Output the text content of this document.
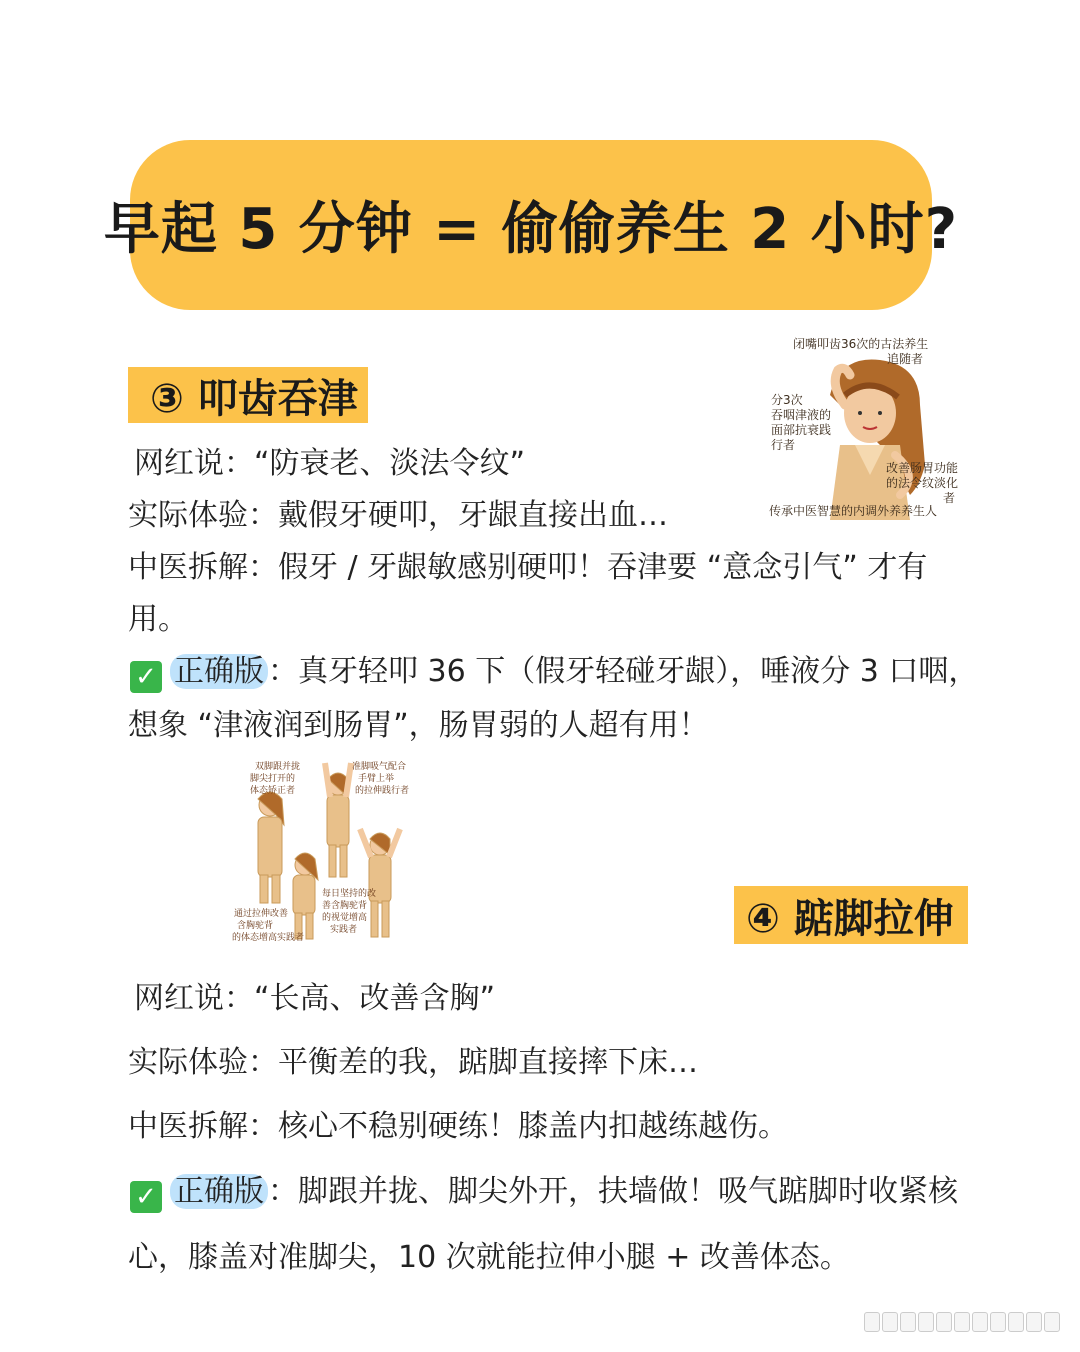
早起 5 分钟 = 偷偷养生 2 小时?
③ 叩齿吞津
闭嘴叩齿36次的古法养生
追随者
分3次
吞咽津液的
面部抗衰践
行者
改善肠胃功能
的法令纹淡化
者
传承中医智慧的内调外养养生人
网红说：“防衰老、淡法令纹”
实际体验：戴假牙硬叩，牙龈直接出血…
中医拆解：假牙 / 牙龈敏感别硬叩！吞津要 “意念引气” 才有
用。
✓ 正确版 ：真牙轻叩 36 下（假牙轻碰牙龈），唾液分 3 口咽，
想象 “津液润到肠胃”，肠胃弱的人超有用！
双脚跟并拢
脚尖打开的
体态矫正者
准脚吸气配合
手臂上举
的拉伸践行者
每日坚持的改
善含胸驼背
的视觉增高
实践者
通过拉伸改善
含胸驼背
的体态增高实践者	④ 踮脚拉伸
网红说：“长高、改善含胸”
实际体验：平衡差的我，踮脚直接摔下床…
中医拆解：核心不稳别硬练！膝盖内扣越练越伤。
✓ 正确版 ：脚跟并拢、脚尖外开，扶墙做！吸气踮脚时收紧核
心，膝盖对准脚尖，10 次就能拉伸小腿 + 改善体态。
